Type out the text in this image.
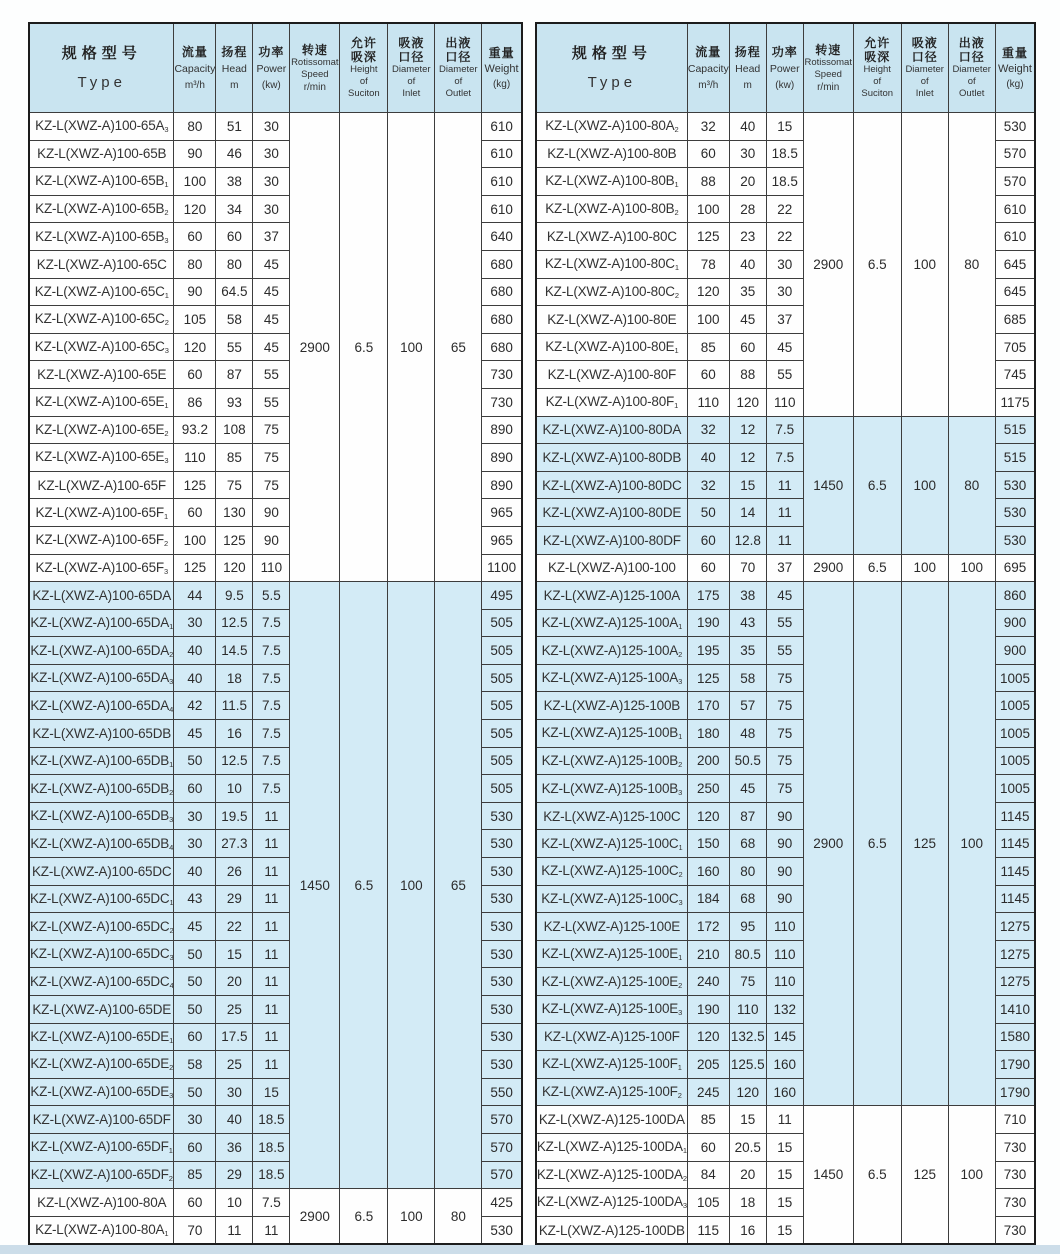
规格型号
Type

流量
Capacity
m³/h

扬程
Head
m

功率
Power
(kw)

转速
Rotissomat
Speed
r/min

允许
吸深
Height
of
Suciton

吸液
口径
Diameter
of
Inlet

出液
口径
Diameter
of
Outlet

重量
Weight
(kg)

$KZ-L(XWZ-A)100-65A_3$	80	51	30	2900	6.5	100	65	610
KZ-L(XWZ-A)100-65B	90	46	30					610
$KZ-L(XWZ-A)100-65B_1$	100	38	30					610
$KZ-L(XWZ-A)100-65B_2$	120	34	30					610
$KZ-L(XWZ-A)100-65B_3$	60	60	37					640
KZ-L(XWZ-A)100-65C	80	80	45					680
$KZ-L(XWZ-A)100-65C_1$	90	64.5	45					680
$KZ-L(XWZ-A)100-65C_2$	105	58	45					680
$KZ-L(XWZ-A)100-65C_3$	120	55	45					680
KZ-L(XWZ-A)100-65E	60	87	55					730
$KZ-L(XWZ-A)100-65E_1$	86	93	55					730
$KZ-L(XWZ-A)100-65E_2$	93.2	108	75					890
$KZ-L(XWZ-A)100-65E_3$	110	85	75					890
KZ-L(XWZ-A)100-65F	125	75	75					890
$KZ-L(XWZ-A)100-65F_1$	60	130	90					965
$KZ-L(XWZ-A)100-65F_2$	100	125	90					965
$KZ-L(XWZ-A)100-65F_3$	125	120	110					1100
KZ-L(XWZ-A)100-65DA	44	9.5	5.5	1450	6.5	100	65	495
$KZ-L(XWZ-A)100-65DA_1$	30	12.5	7.5					505
$KZ-L(XWZ-A)100-65DA_2$	40	14.5	7.5					505
$KZ-L(XWZ-A)100-65DA_3$	40	18	7.5					505
$KZ-L(XWZ-A)100-65DA_4$	42	11.5	7.5					505
KZ-L(XWZ-A)100-65DB	45	16	7.5					505
$KZ-L(XWZ-A)100-65DB_1$	50	12.5	7.5					505
$KZ-L(XWZ-A)100-65DB_2$	60	10	7.5					505
$KZ-L(XWZ-A)100-65DB_3$	30	19.5	11					530
$KZ-L(XWZ-A)100-65DB_4$	30	27.3	11					530
KZ-L(XWZ-A)100-65DC	40	26	11					530
$KZ-L(XWZ-A)100-65DC_1$	43	29	11					530
$KZ-L(XWZ-A)100-65DC_2$	45	22	11					530
$KZ-L(XWZ-A)100-65DC_3$	50	15	11					530
$KZ-L(XWZ-A)100-65DC_4$	50	20	11					530
KZ-L(XWZ-A)100-65DE	50	25	11					530
$KZ-L(XWZ-A)100-65DE_1$	60	17.5	11					530
$KZ-L(XWZ-A)100-65DE_2$	58	25	11					530
$KZ-L(XWZ-A)100-65DE_3$	50	30	15					550
KZ-L(XWZ-A)100-65DF	30	40	18.5					570
$KZ-L(XWZ-A)100-65DF_1$	60	36	18.5					570
$KZ-L(XWZ-A)100-65DF_2$	85	29	18.5					570
KZ-L(XWZ-A)100-80A	60	10	7.5	2900	6.5	100	80	425
$KZ-L(XWZ-A)100-80A_1$	70	11	11					530
规格型号
Type

流量
Capacity
m³/h

扬程
Head
m

功率
Power
(kw)

转速
Rotissomat
Speed
r/min

允许
吸深
Height
of
Suciton

吸液
口径
Diameter
of
Inlet

出液
口径
Diameter
of
Outlet

重量
Weight
(kg)

$KZ-L(XWZ-A)100-80A_2$	32	40	15	2900	6.5	100	80	530
KZ-L(XWZ-A)100-80B	60	30	18.5					570
$KZ-L(XWZ-A)100-80B_1$	88	20	18.5					570
$KZ-L(XWZ-A)100-80B_2$	100	28	22					610
KZ-L(XWZ-A)100-80C	125	23	22					610
$KZ-L(XWZ-A)100-80C_1$	78	40	30					645
$KZ-L(XWZ-A)100-80C_2$	120	35	30					645
KZ-L(XWZ-A)100-80E	100	45	37					685
$KZ-L(XWZ-A)100-80E_1$	85	60	45					705
KZ-L(XWZ-A)100-80F	60	88	55					745
$KZ-L(XWZ-A)100-80F_1$	110	120	110					1175
KZ-L(XWZ-A)100-80DA	32	12	7.5	1450	6.5	100	80	515
KZ-L(XWZ-A)100-80DB	40	12	7.5					515
KZ-L(XWZ-A)100-80DC	32	15	11					530
KZ-L(XWZ-A)100-80DE	50	14	11					530
KZ-L(XWZ-A)100-80DF	60	12.8	11					530
KZ-L(XWZ-A)100-100	60	70	37	2900	6.5	100	100	695
KZ-L(XWZ-A)125-100A	175	38	45	2900	6.5	125	100	860
$KZ-L(XWZ-A)125-100A_1$	190	43	55					900
$KZ-L(XWZ-A)125-100A_2$	195	35	55					900
$KZ-L(XWZ-A)125-100A_3$	125	58	75					1005
KZ-L(XWZ-A)125-100B	170	57	75					1005
$KZ-L(XWZ-A)125-100B_1$	180	48	75					1005
$KZ-L(XWZ-A)125-100B_2$	200	50.5	75					1005
$KZ-L(XWZ-A)125-100B_3$	250	45	75					1005
KZ-L(XWZ-A)125-100C	120	87	90					1145
$KZ-L(XWZ-A)125-100C_1$	150	68	90					1145
$KZ-L(XWZ-A)125-100C_2$	160	80	90					1145
$KZ-L(XWZ-A)125-100C_3$	184	68	90					1145
KZ-L(XWZ-A)125-100E	172	95	110					1275
$KZ-L(XWZ-A)125-100E_1$	210	80.5	110					1275
$KZ-L(XWZ-A)125-100E_2$	240	75	110					1275
$KZ-L(XWZ-A)125-100E_3$	190	110	132					1410
KZ-L(XWZ-A)125-100F	120	132.5	145					1580
$KZ-L(XWZ-A)125-100F_1$	205	125.5	160					1790
$KZ-L(XWZ-A)125-100F_2$	245	120	160					1790
KZ-L(XWZ-A)125-100DA	85	15	11	1450	6.5	125	100	710
$KZ-L(XWZ-A)125-100DA_1$	60	20.5	15					730
$KZ-L(XWZ-A)125-100DA_2$	84	20	15					730
$KZ-L(XWZ-A)125-100DA_3$	105	18	15					730
KZ-L(XWZ-A)125-100DB	115	16	15					730
